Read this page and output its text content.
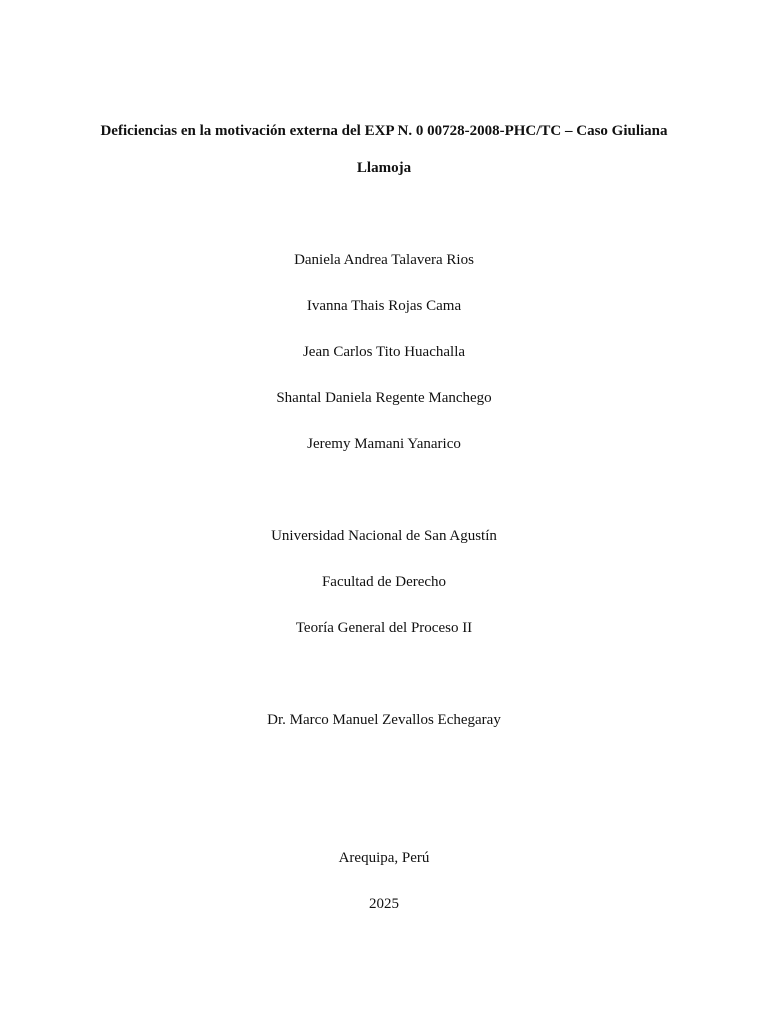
Deficiencias en la motivación externa del EXP N. 0 00728-2008-PHC/TC – Caso Giuliana
Llamoja
Daniela Andrea Talavera Rios
Ivanna Thais Rojas Cama
Jean Carlos Tito Huachalla
Shantal Daniela Regente Manchego
Jeremy Mamani Yanarico
Universidad Nacional de San Agustín
Facultad de Derecho
Teoría General del Proceso II
Dr. Marco Manuel Zevallos Echegaray
Arequipa, Perú
2025
